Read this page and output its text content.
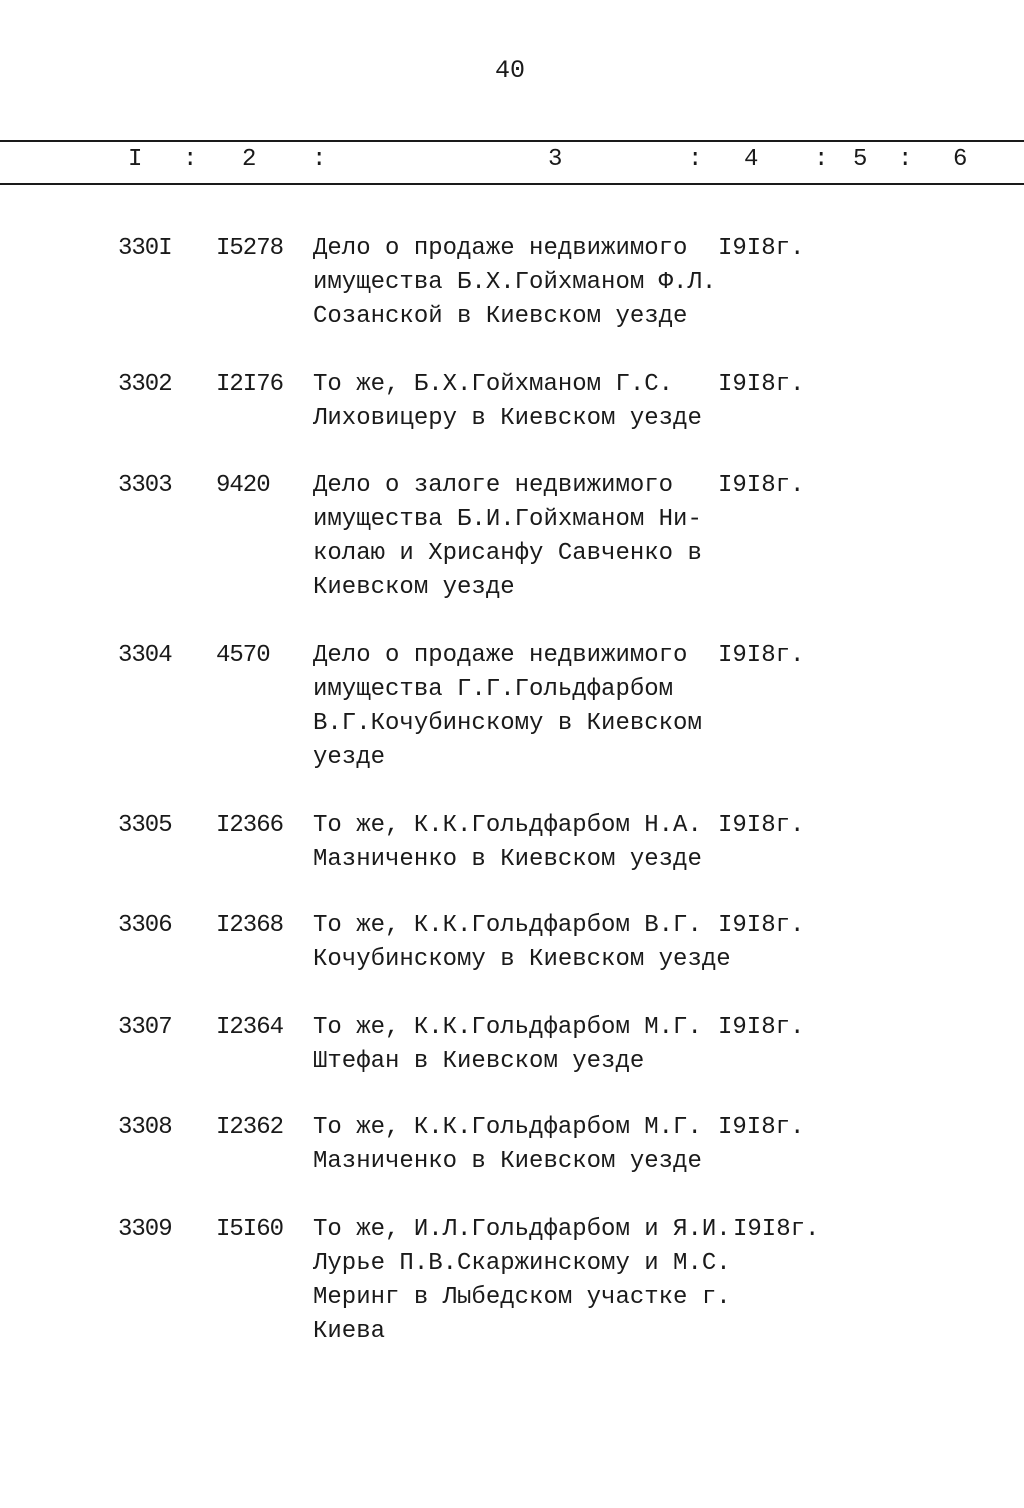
40
I : 2 :	3	: 4 : 5 : 6
330I I5278 Дело о продаже недвижимого
имущества Б.Х.Гойхманом Ф.Л.
Созанской в Киевском уезде
I9I8г.
3302 I2I76 То же, Б.Х.Гойхманом Г.С.
Лиховицеру в Киевском уезде
I9I8г.
3303 9420 Дело о залоге недвижимого
имущества Б.И.Гойхманом Ни-
колаю и Хрисанфу Савченко в
Киевском уезде
I9I8г.
3304 4570 Дело о продаже недвижимого
имущества Г.Г.Гольдфарбом
В.Г.Кочубинскому в Киевском
уезде
I9I8г.
3305 I2366 То же, К.К.Гольдфарбом Н.А.
Мазниченко в Киевском уезде
I9I8г.
3306 I2368 То же, К.К.Гольдфарбом В.Г.
Кочубинскому в Киевском уезде
I9I8г.
3307 I2364 То же, К.К.Гольдфарбом М.Г.
Штефан в Киевском уезде
I9I8г.
3308 I2362 То же, К.К.Гольдфарбом М.Г.
Мазниченко в Киевском уезде
I9I8г.
3309 I5I60 То же, И.Л.Гольдфарбом и Я.И.
Лурье П.В.Скаржинскому и М.С.
Меринг в Лыбедском участке г.
Киева
I9I8г.
